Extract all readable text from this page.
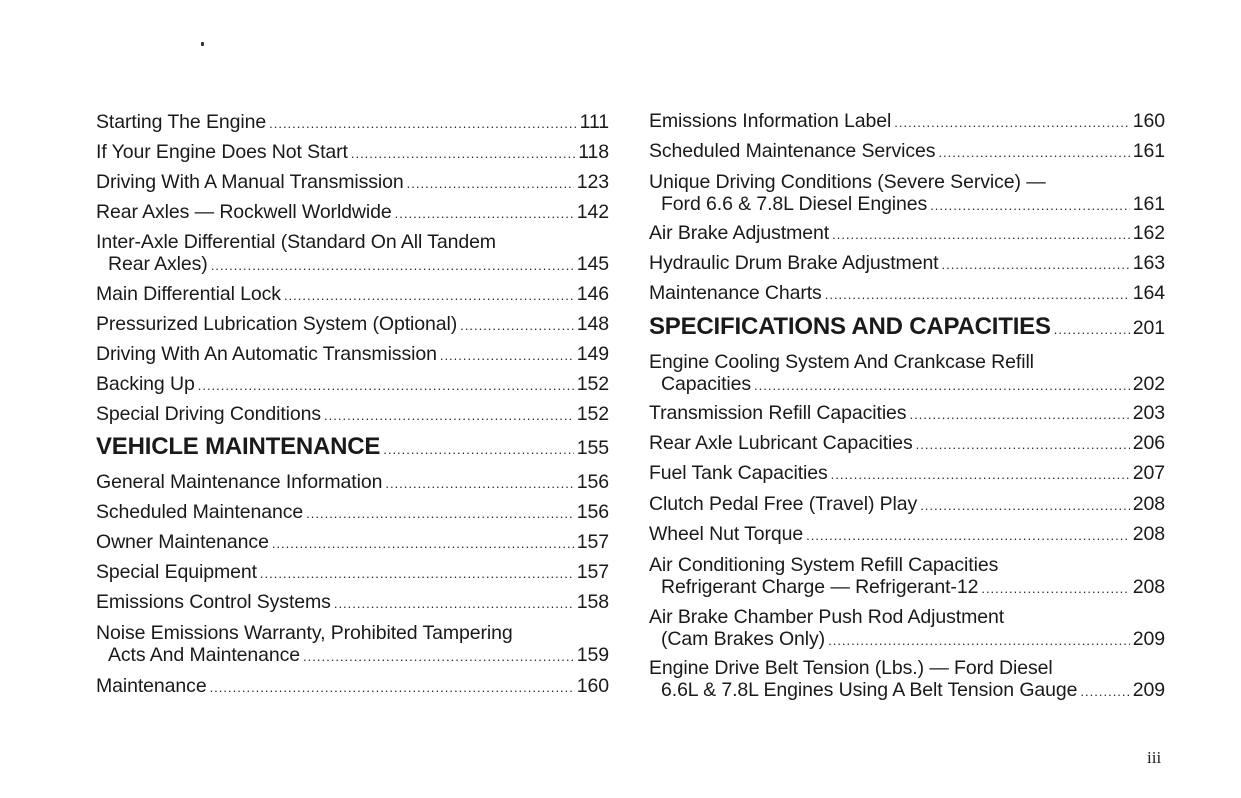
Starting The Engine .....	111
If Your Engine Does Not Start .....	118
Driving With A Manual Transmission .....	123
Rear Axles — Rockwell Worldwide .....	142
Inter-Axle Differential (Standard On All Tandem
Rear Axles) .....	145
Main Differential Lock .....	146
Pressurized Lubrication System (Optional) .....	148
Driving With An Automatic Transmission .....	149
Backing Up .....	152
Special Driving Conditions .....	152
VEHICLE MAINTENANCE .....	155
General Maintenance Information .....	156
Scheduled Maintenance .....	156
Owner Maintenance .....	157
Special Equipment .....	157
Emissions Control Systems .....	158
Noise Emissions Warranty, Prohibited Tampering
Acts And Maintenance .....	159
Maintenance .....	160
Emissions Information Label .....	160
Scheduled Maintenance Services .....	161
Unique Driving Conditions (Severe Service) —
Ford 6.6 & 7.8L Diesel Engines .....	161
Air Brake Adjustment .....	162
Hydraulic Drum Brake Adjustment .....	163
Maintenance Charts .....	164
SPECIFICATIONS AND CAPACITIES .....	201
Engine Cooling System And Crankcase Refill
Capacities .....	202
Transmission Refill Capacities .....	203
Rear Axle Lubricant Capacities .....	206
Fuel Tank Capacities .....	207
Clutch Pedal Free (Travel) Play .....	208
Wheel Nut Torque .....	208
Air Conditioning System Refill Capacities
Refrigerant Charge — Refrigerant-12 .....	208
Air Brake Chamber Push Rod Adjustment
(Cam Brakes Only) .....	209
Engine Drive Belt Tension (Lbs.) — Ford Diesel
6.6L & 7.8L Engines Using A Belt Tension Gauge .....	209
iii
